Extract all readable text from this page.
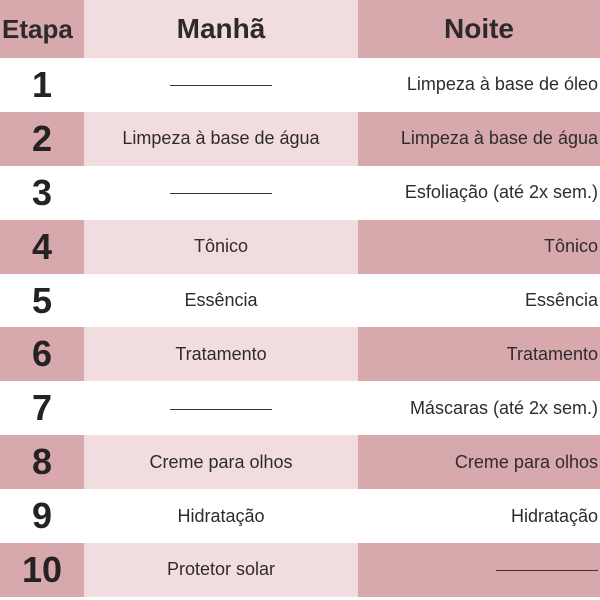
Etapa	Manhã	Noite
1		Limpeza à base de óleo
2	Limpeza à base de água	Limpeza à base de água
3		Esfoliação (até 2x sem.)
4	Tônico	Tônico
5	Essência	Essência
6	Tratamento	Tratamento
7		Máscaras (até 2x sem.)
8	Creme para olhos	Creme para olhos
9	Hidratação	Hidratação
10	Protetor solar	
